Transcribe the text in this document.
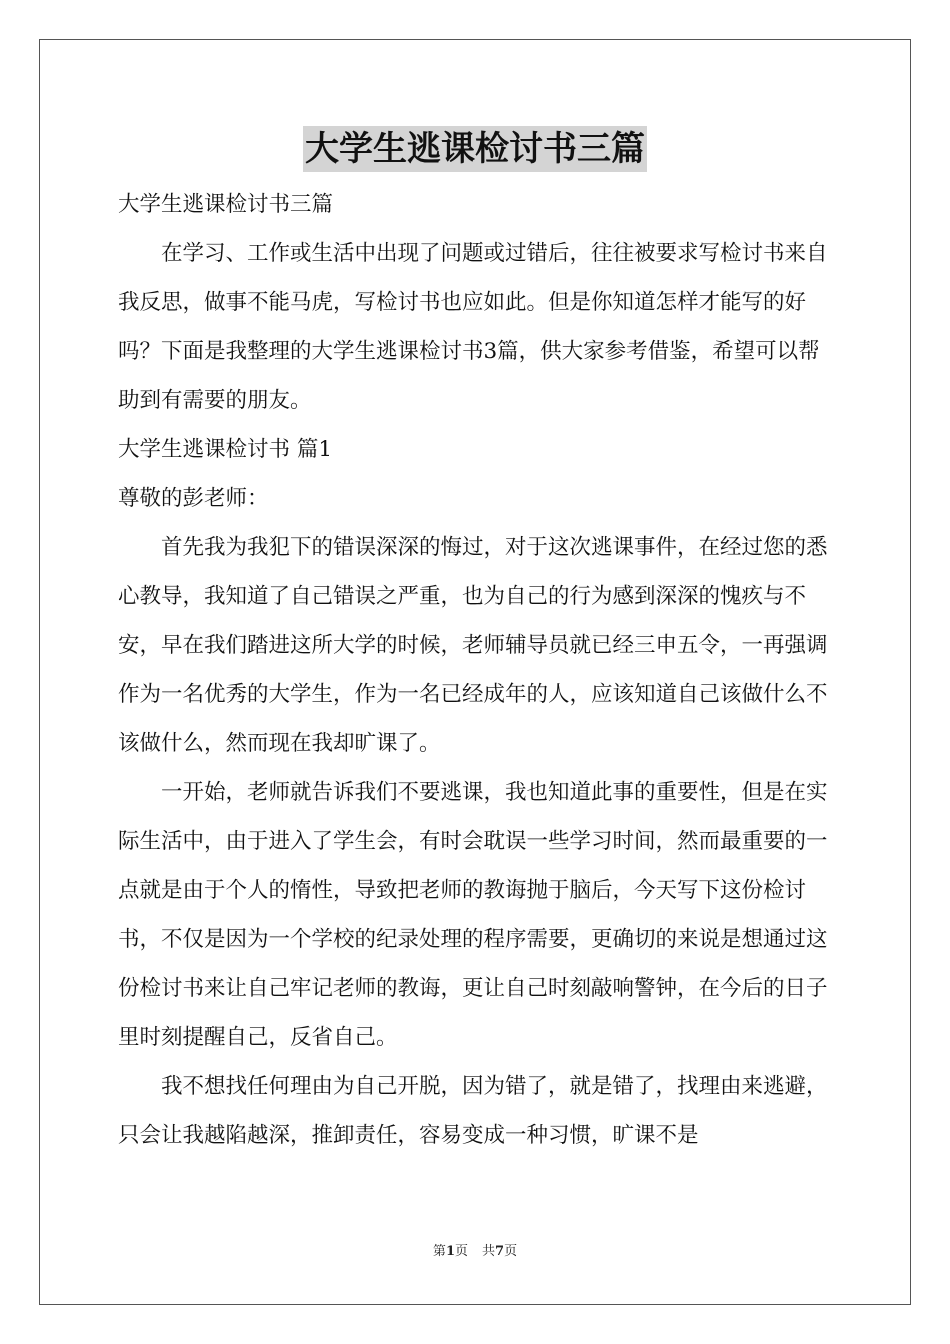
大学生逃课检讨书三篇

大学生逃课检讨书三篇

在学习、工作或生活中出现了问题或过错后，往往被要求写检讨书来自我反思，做事不能马虎，写检讨书也应如此。但是你知道怎样才能写的好吗？下面是我整理的大学生逃课检讨书3篇，供大家参考借鉴，希望可以帮助到有需要的朋友。

大学生逃课检讨书 篇1

尊敬的彭老师：

首先我为我犯下的错误深深的悔过，对于这次逃课事件，在经过您的悉心教导，我知道了自己错误之严重，也为自己的行为感到深深的愧疚与不安，早在我们踏进这所大学的时候，老师辅导员就已经三申五令，一再强调作为一名优秀的大学生，作为一名已经成年的人，应该知道自己该做什么不该做什么，然而现在我却旷课了。

一开始，老师就告诉我们不要逃课，我也知道此事的重要性，但是在实际生活中，由于进入了学生会，有时会耽误一些学习时间，然而最重要的一点就是由于个人的惰性，导致把老师的教诲抛于脑后，今天写下这份检讨书，不仅是因为一个学校的纪录处理的程序需要，更确切的来说是想通过这份检讨书来让自己牢记老师的教诲，更让自己时刻敲响警钟，在今后的日子里时刻提醒自己，反省自己。

我不想找任何理由为自己开脱，因为错了，就是错了，找理由来逃避，只会让我越陷越深，推卸责任，容易变成一种习惯，旷课不是

第1页 共7页
